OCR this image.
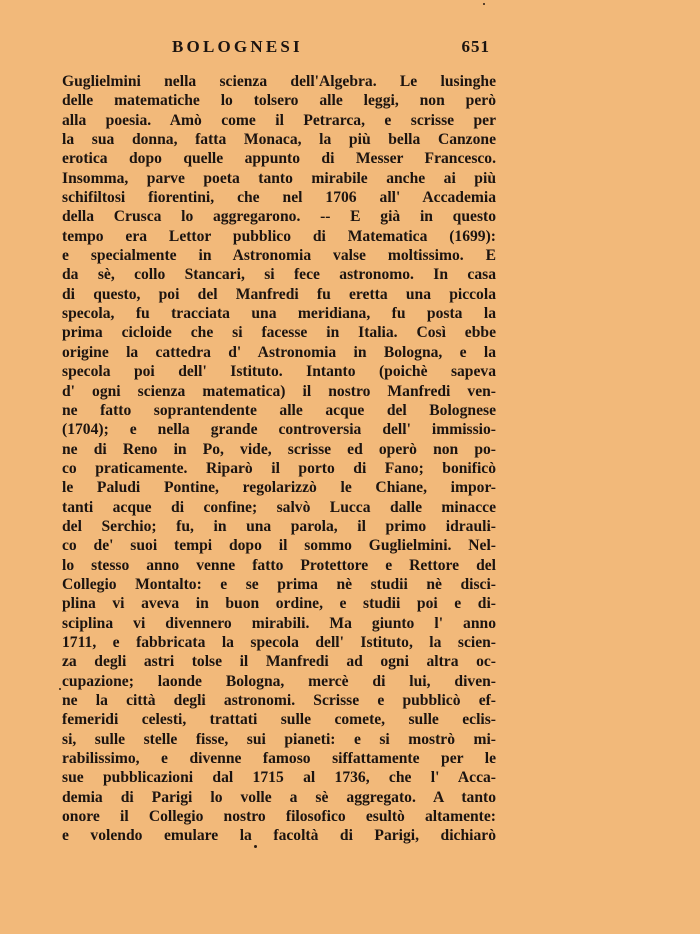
BOLOGNESI	651
Guglielmini nella scienza dell'Algebra. Le lusinghe
delle matematiche lo tolsero alle leggi, non però
alla poesia. Amò come il Petrarca, e scrisse per
la sua donna, fatta Monaca, la più bella Canzone
erotica dopo quelle appunto di Messer Francesco.
Insomma, parve poeta tanto mirabile anche ai più
schifiltosi fiorentini, che nel 1706 all' Accademia
della Crusca lo aggregarono. -- E già in questo
tempo era Lettor pubblico di Matematica (1699):
e specialmente in Astronomia valse moltissimo. E
da sè, collo Stancari, si fece astronomo. In casa
di questo, poi del Manfredi fu eretta una piccola
specola, fu tracciata una meridiana, fu posta la
prima cicloide che si facesse in Italia. Così ebbe
origine la cattedra d' Astronomia in Bologna, e la
specola poi dell' Istituto. Intanto (poichè sapeva
d' ogni scienza matematica) il nostro Manfredi ven-
ne fatto soprantendente alle acque del Bolognese
(1704); e nella grande controversia dell' immissio-
ne di Reno in Po, vide, scrisse ed operò non po-
co praticamente. Riparò il porto di Fano; bonificò
le Paludi Pontine, regolarizzò le Chiane, impor-
tanti acque di confine; salvò Lucca dalle minacce
del Serchio; fu, in una parola, il primo idrauli-
co de' suoi tempi dopo il sommo Guglielmini. Nel-
lo stesso anno venne fatto Protettore e Rettore del
Collegio Montalto: e se prima nè studii nè disci-
plina vi aveva in buon ordine, e studii poi e di-
sciplina vi divennero mirabili. Ma giunto l' anno
1711, e fabbricata la specola dell' Istituto, la scien-
za degli astri tolse il Manfredi ad ogni altra oc-
cupazione; laonde Bologna, mercè di lui, diven-
ne la città degli astronomi. Scrisse e pubblicò ef-
femeridi celesti, trattati sulle comete, sulle eclis-
si, sulle stelle fisse, sui pianeti: e si mostrò mi-
rabilissimo, e divenne famoso siffattamente per le
sue pubblicazioni dal 1715 al 1736, che l' Acca-
demia di Parigi lo volle a sè aggregato. A tanto
onore il Collegio nostro filosofico esultò altamente:
e volendo emulare la facoltà di Parigi, dichiarò
